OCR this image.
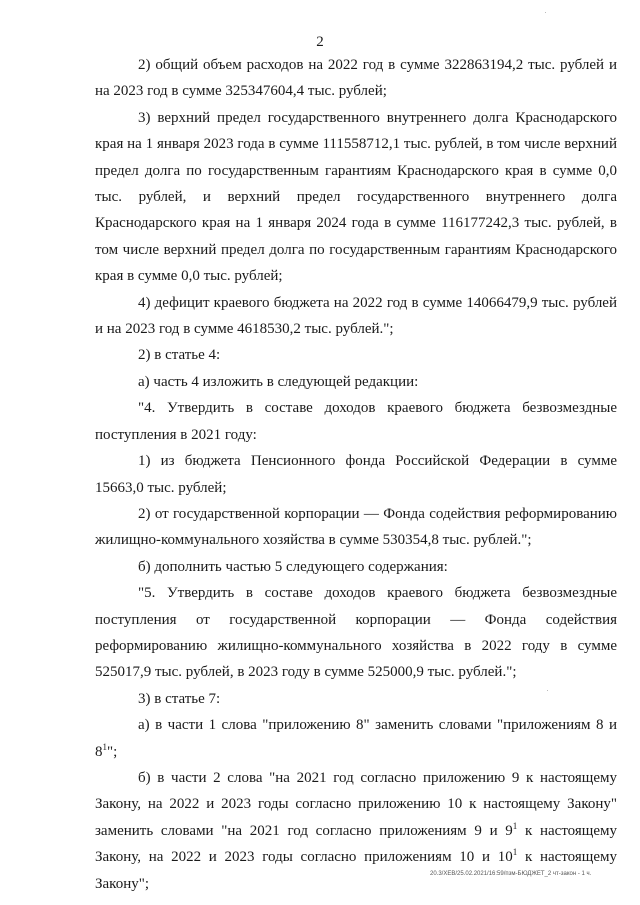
2

2) общий объем расходов на 2022 год в сумме 322863194,2 тыс. рублей и на 2023 год в сумме 325347604,4 тыс. рублей;

3) верхний предел государственного внутреннего долга Краснодарского края на 1 января 2023 года в сумме 111558712,1 тыс. рублей, в том числе верхний предел долга по государственным гарантиям Краснодарского края в сумме 0,0 тыс. рублей, и верхний предел государственного внутреннего долга Краснодарского края на 1 января 2024 года в сумме 116177242,3 тыс. рублей, в том числе верхний предел долга по государственным гарантиям Краснодарского края в сумме 0,0 тыс. рублей;

4) дефицит краевого бюджета на 2022 год в сумме 14066479,9 тыс. рублей и на 2023 год в сумме 4618530,2 тыс. рублей.";

2) в статье 4:

а) часть 4 изложить в следующей редакции:

"4. Утвердить в составе доходов краевого бюджета безвозмездные поступления в 2021 году:

1) из бюджета Пенсионного фонда Российской Федерации в сумме 15663,0 тыс. рублей;

2) от государственной корпорации — Фонда содействия реформированию жилищно-коммунального хозяйства в сумме 530354,8 тыс. рублей.";

б) дополнить частью 5 следующего содержания:

"5. Утвердить в составе доходов краевого бюджета безвозмездные поступления от государственной корпорации — Фонда содействия реформированию жилищно-коммунального хозяйства в 2022 году в сумме 525017,9 тыс. рублей, в 2023 году в сумме 525000,9 тыс. рублей.";

3) в статье 7:

а) в части 1 слова "приложению 8" заменить словами "приложениям 8 и $8^1$";

б) в части 2 слова "на 2021 год согласно приложению 9 к настоящему Закону, на 2022 и 2023 годы согласно приложению 10 к настоящему Закону" заменить словами "на 2021 год согласно приложениям 9 и $9^1$ к настоящему Закону, на 2022 и 2023 годы согласно приложениям 10 и $10^1$ к настоящему Закону";

20.3/XEB/25.02.2021/16:59/пзм-БЮДЖЕТ_2 чт-закон - 1 ч.
